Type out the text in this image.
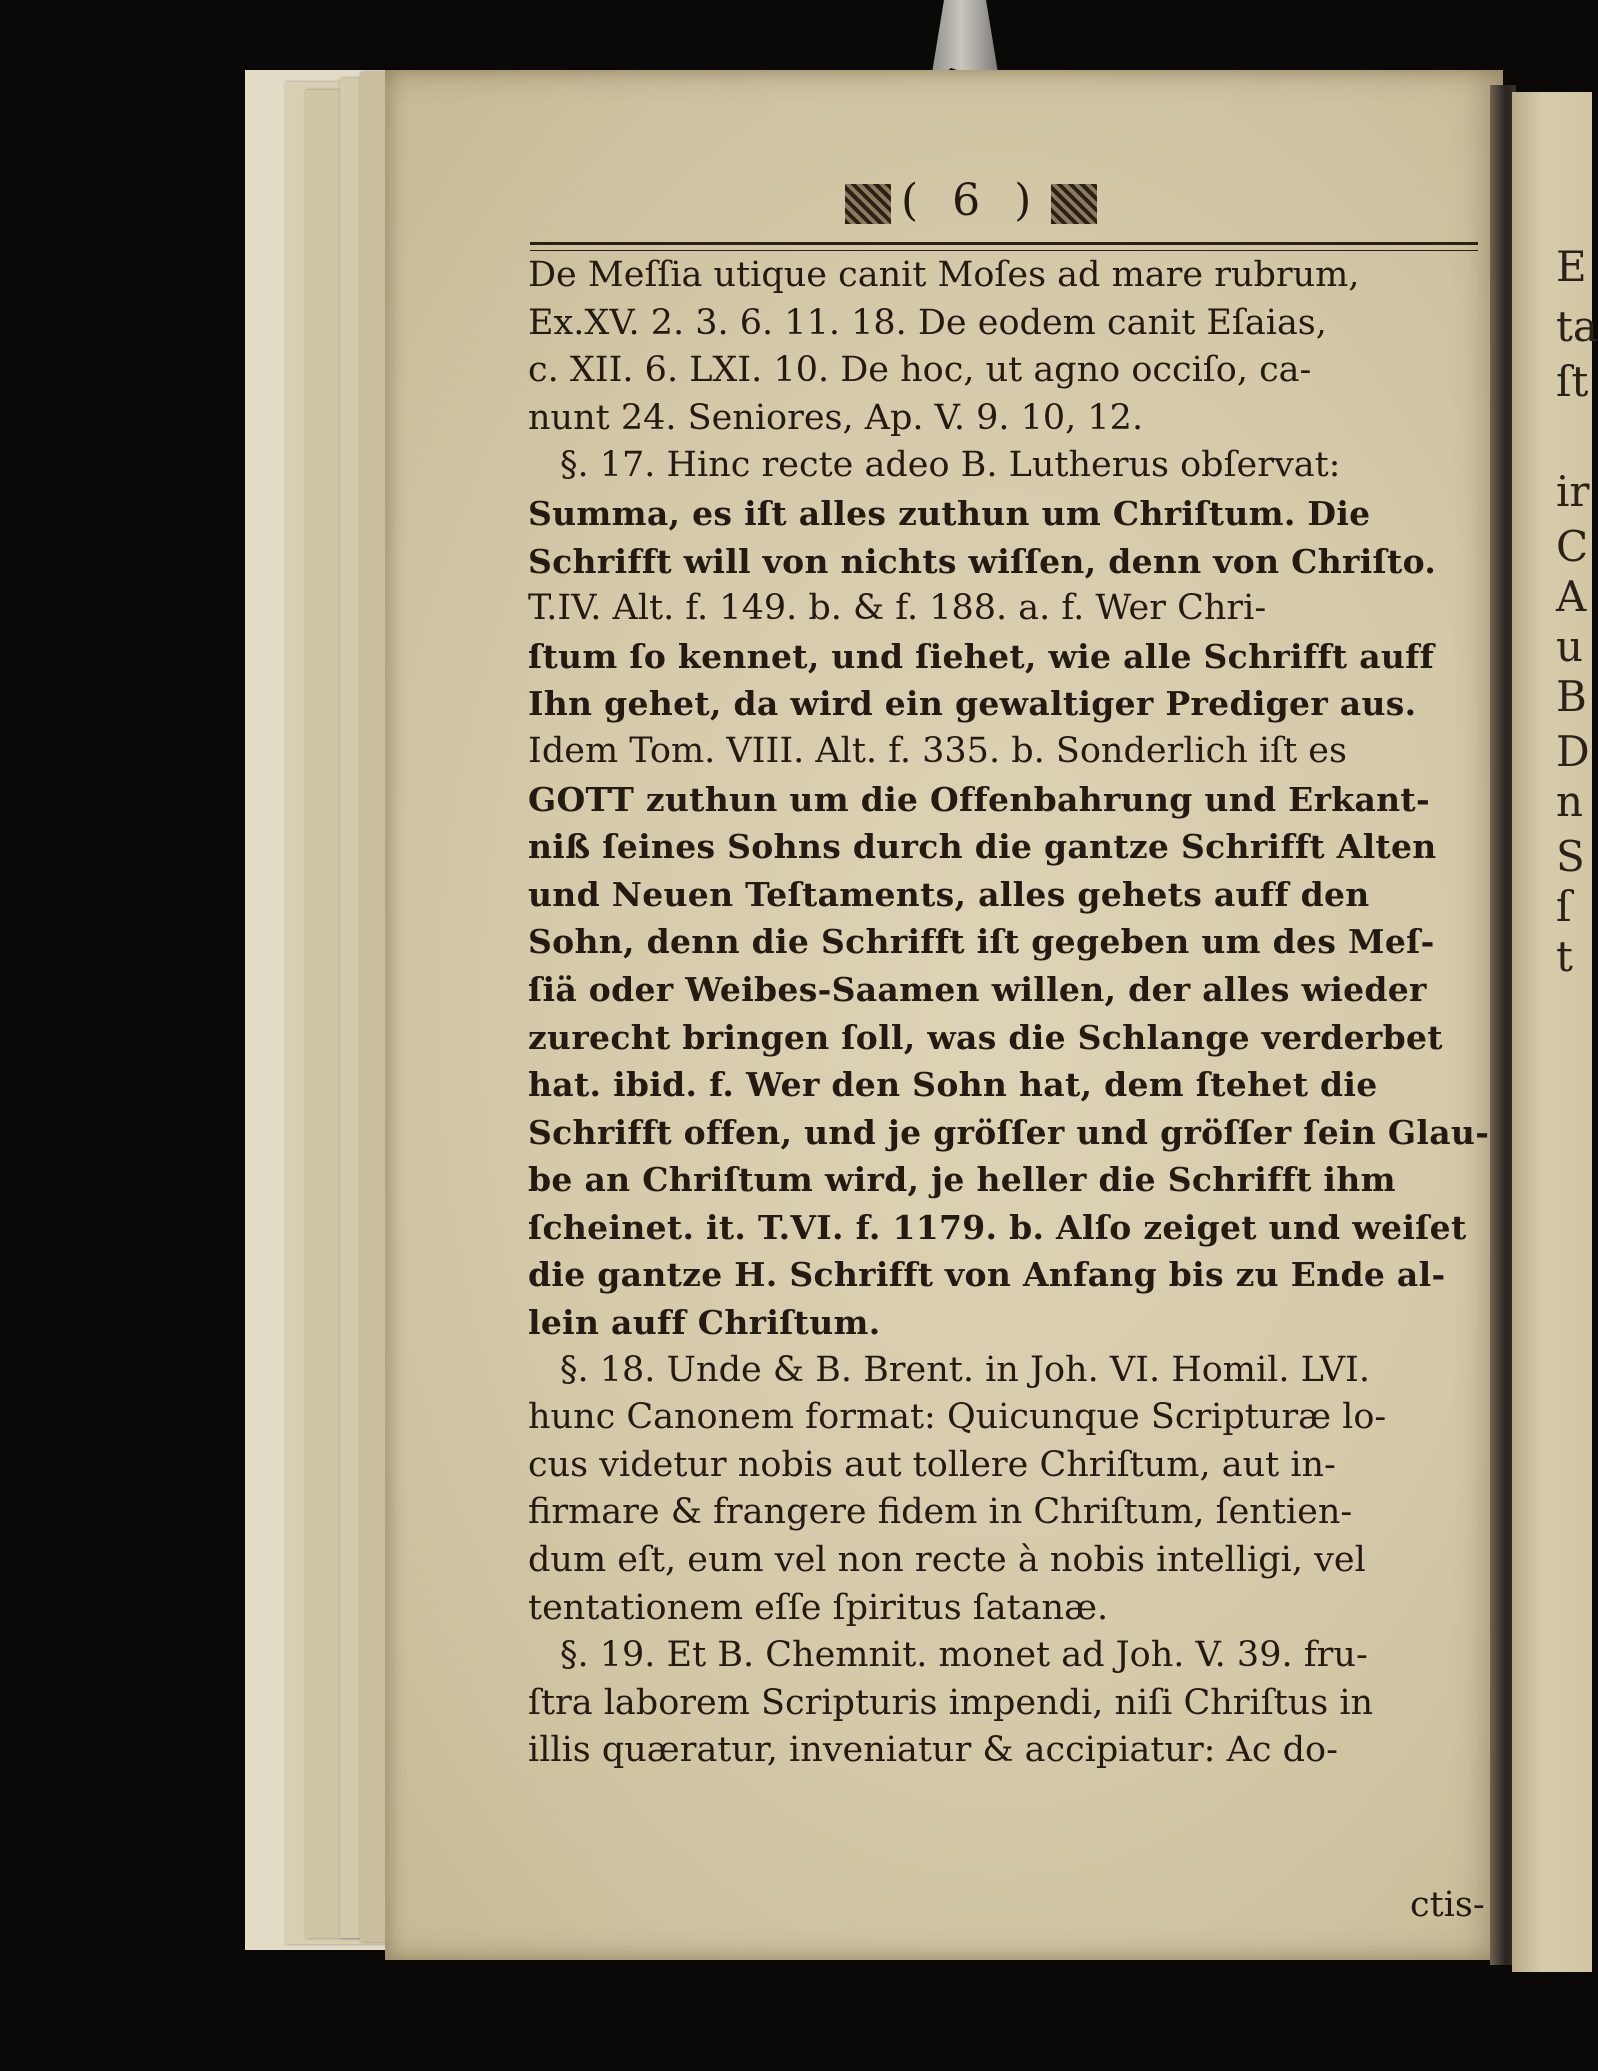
E
ta
ſt
ir
C
A
u
B
D
n
S
ſ
t
( 6 )
De Meſſia utique canit Moſes ad mare rubrum,
Ex.XV. 2. 3. 6. 11. 18. De eodem canit Eſaias,
c. XII. 6. LXI. 10. De hoc, ut agno occiſo, ca-
nunt 24. Seniores, Ap. V. 9. 10, 12.
§. 17. Hinc recte adeo B. Lutherus obſervat:
Summa, es iſt alles zuthun um Chriſtum. Die
Schrifft will von nichts wiſſen, denn von Chriſto.
T.IV. Alt. f. 149. b. & f. 188. a. f. Wer Chri-
ſtum ſo kennet, und ſiehet, wie alle Schrifft auff
Ihn gehet, da wird ein gewaltiger Prediger aus.
Idem Tom. VIII. Alt. f. 335. b. Sonderlich iſt es
GOTT zuthun um die Offenbahrung und Erkant-
niß ſeines Sohns durch die gantze Schrifft Alten
und Neuen Teſtaments, alles gehets auff den
Sohn, denn die Schrifft iſt gegeben um des Meſ-
ſiä oder Weibes-Saamen willen, der alles wieder
zurecht bringen ſoll, was die Schlange verderbet
hat. ibid. f. Wer den Sohn hat, dem ſtehet die
Schrifft offen, und je gröſſer und gröſſer ſein Glau-
be an Chriſtum wird, je heller die Schrifft ihm
ſcheinet. it. T.VI. f. 1179. b. Alſo zeiget und weiſet
die gantze H. Schrifft von Anfang bis zu Ende al-
lein auff Chriſtum.
§. 18. Unde & B. Brent. in Joh. VI. Homil. LVI.
hunc Canonem format: Quicunque Scripturæ lo-
cus videtur nobis aut tollere Chriſtum, aut in-
firmare & frangere fidem in Chriſtum, ſentien-
dum eſt, eum vel non recte à nobis intelligi, vel
tentationem eſſe ſpiritus ſatanæ.
§. 19. Et B. Chemnit. monet ad Joh. V. 39. fru-
ſtra laborem Scripturis impendi, niſi Chriſtus in
illis quæratur, inveniatur & accipiatur: Ac do-
ctis-
